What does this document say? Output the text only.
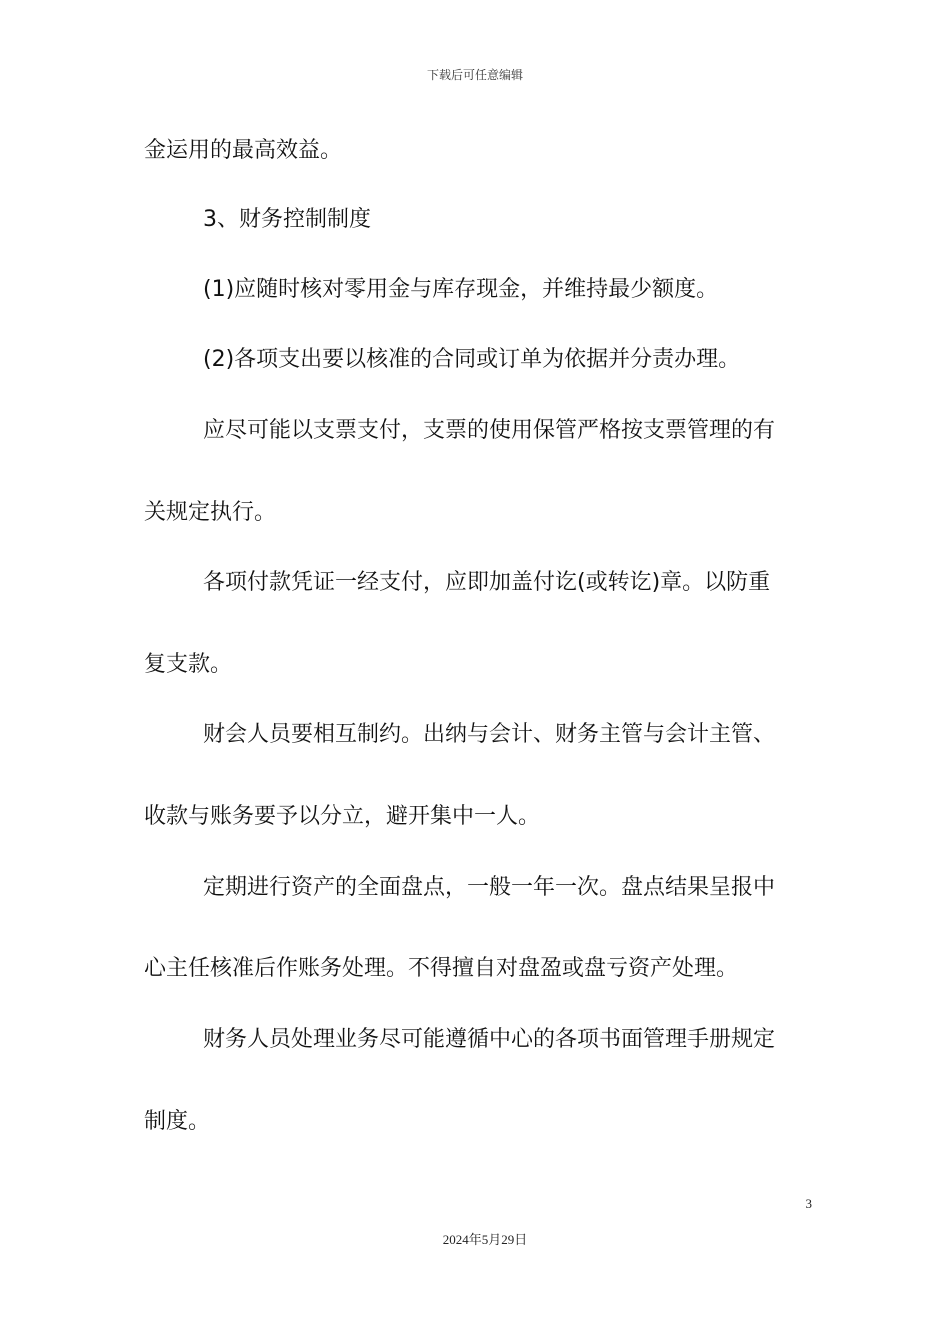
下载后可任意编辑
金运用的最高效益。
3、财务控制制度
(1)应随时核对零用金与库存现金，并维持最少额度。
(2)各项支出要以核准的合同或订单为依据并分责办理。
应尽可能以支票支付，支票的使用保管严格按支票管理的有
关规定执行。
各项付款凭证一经支付，应即加盖付讫(或转讫)章。以防重
复支款。
财会人员要相互制约。出纳与会计、财务主管与会计主管、
收款与账务要予以分立，避开集中一人。
定期进行资产的全面盘点，一般一年一次。盘点结果呈报中
心主任核准后作账务处理。不得擅自对盘盈或盘亏资产处理。
财务人员处理业务尽可能遵循中心的各项书面管理手册规定
制度。
3
2024年5月29日
